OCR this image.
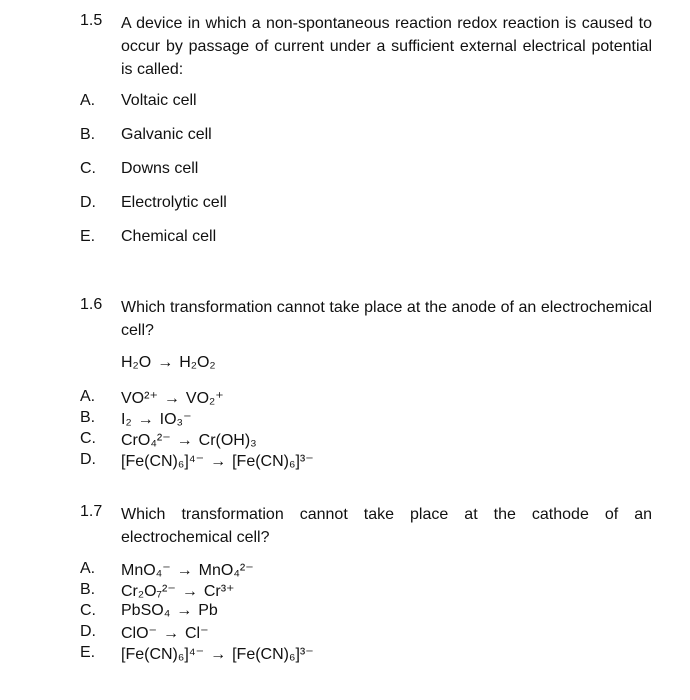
1.5 A device in which a non-spontaneous reaction redox reaction is caused to occur by passage of current under a sufficient external electrical potential is called:
A. Voltaic cell
B. Galvanic cell
C. Downs cell
D. Electrolytic cell
E. Chemical cell
1.6 Which transformation cannot take place at the anode of an electrochemical cell?
H₂O → H₂O₂
A. VO²⁺ → VO₂⁺
B. I₂ → IO₃⁻
C. CrO₄²⁻ → Cr(OH)₃
D. [Fe(CN)₆]⁴⁻ → [Fe(CN)₆]³⁻
1.7 Which transformation cannot take place at the cathode of an electrochemical cell?
A. MnO₄⁻ → MnO₄²⁻
B. Cr₂O₇²⁻ → Cr³⁺
C. PbSO₄ → Pb
D. ClO⁻ → Cl⁻
E. [Fe(CN)₆]⁴⁻ → [Fe(CN)₆]³⁻
